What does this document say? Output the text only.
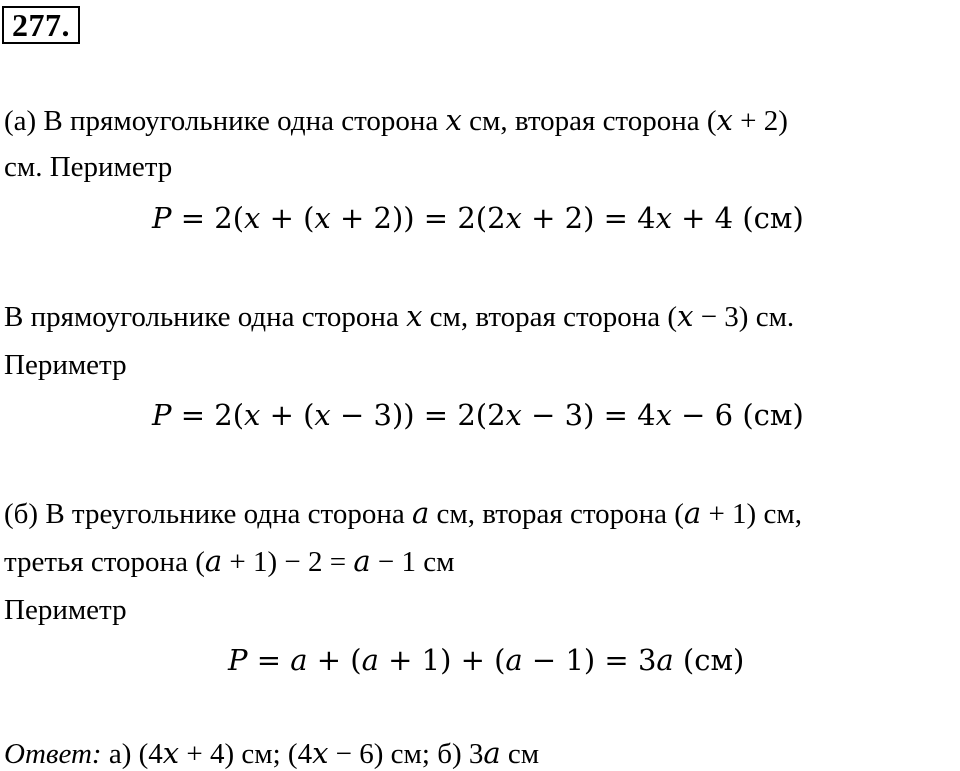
277.
(a) В прямоугольнике одна сторона 𝑥 см, вторая сторона (𝑥 + 2)
см. Периметр
𝑃 = 2(𝑥 + (𝑥 + 2)) = 2(2𝑥 + 2) = 4𝑥 + 4 (см)
В прямоугольнике одна сторона 𝑥 см, вторая сторона (𝑥 − 3) см.
Периметр
𝑃 = 2(𝑥 + (𝑥 − 3)) = 2(2𝑥 − 3) = 4𝑥 − 6 (см)
(б) В треугольнике одна сторона 𝑎 см, вторая сторона (𝑎 + 1) см,
третья сторона (𝑎 + 1) − 2 = 𝑎 − 1 см
Периметр
𝑃 = 𝑎 + (𝑎 + 1) + (𝑎 − 1) = 3𝑎 (см)
Ответ: а) (4𝑥 + 4) см; (4𝑥 − 6) см; б) 3𝑎 см
